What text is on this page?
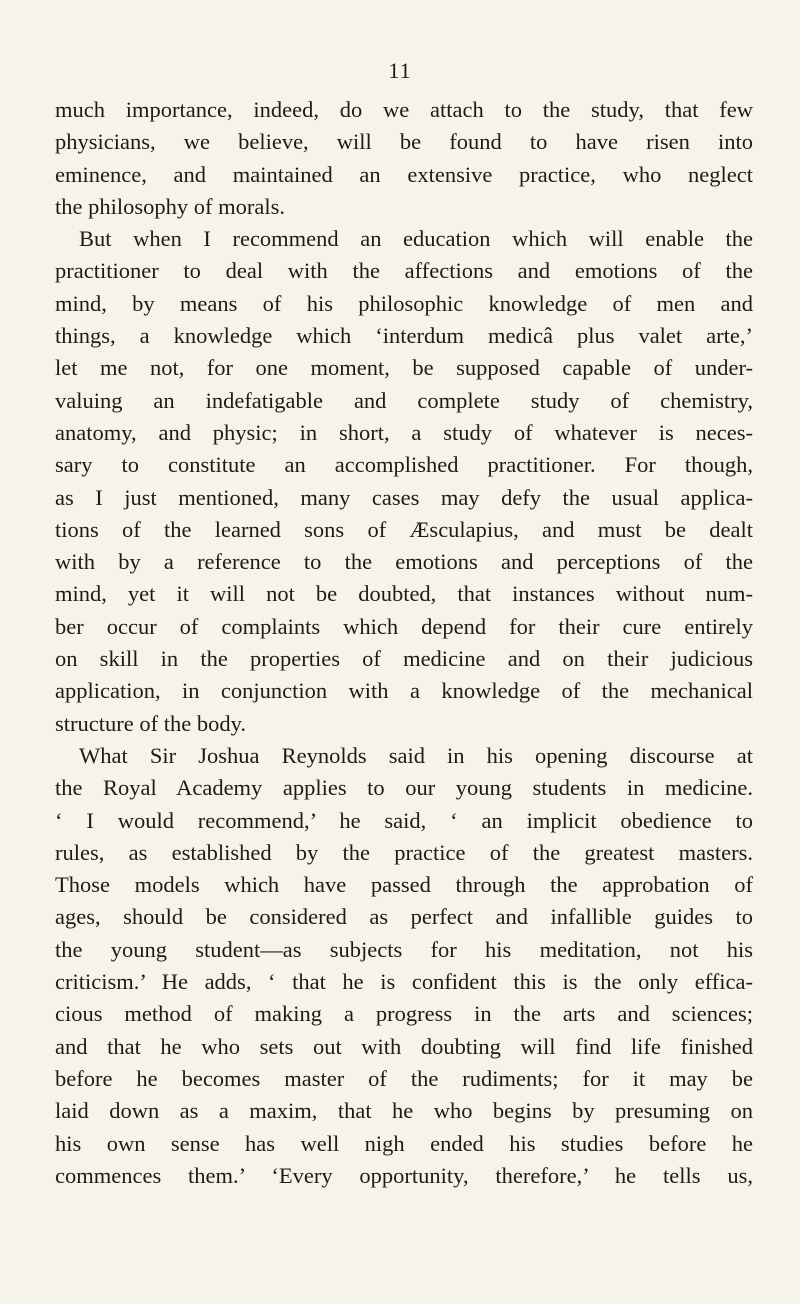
11
much importance, indeed, do we attach to the study, that few
physicians, we believe, will be found to have risen into
eminence, and maintained an extensive practice, who neglect
the philosophy of morals.
But when I recommend an education which will enable the
practitioner to deal with the affections and emotions of the
mind, by means of his philosophic knowledge of men and
things, a knowledge which ‘interdum medicâ plus valet arte,’
let me not, for one moment, be supposed capable of under-
valuing an indefatigable and complete study of chemistry,
anatomy, and physic; in short, a study of whatever is neces-
sary to constitute an accomplished practitioner. For though,
as I just mentioned, many cases may defy the usual applica-
tions of the learned sons of Æsculapius, and must be dealt
with by a reference to the emotions and perceptions of the
mind, yet it will not be doubted, that instances without num-
ber occur of complaints which depend for their cure entirely
on skill in the properties of medicine and on their judicious
application, in conjunction with a knowledge of the mechanical
structure of the body.
What Sir Joshua Reynolds said in his opening discourse at
the Royal Academy applies to our young students in medicine.
‘ I would recommend,’ he said, ‘ an implicit obedience to
rules, as established by the practice of the greatest masters.
Those models which have passed through the approbation of
ages, should be considered as perfect and infallible guides to
the young student—as subjects for his meditation, not his
criticism.’ He adds, ‘ that he is confident this is the only effica-
cious method of making a progress in the arts and sciences;
and that he who sets out with doubting will find life finished
before he becomes master of the rudiments; for it may be
laid down as a maxim, that he who begins by presuming on
his own sense has well nigh ended his studies before he
commences them.’ ‘Every opportunity, therefore,’ he tells us,
